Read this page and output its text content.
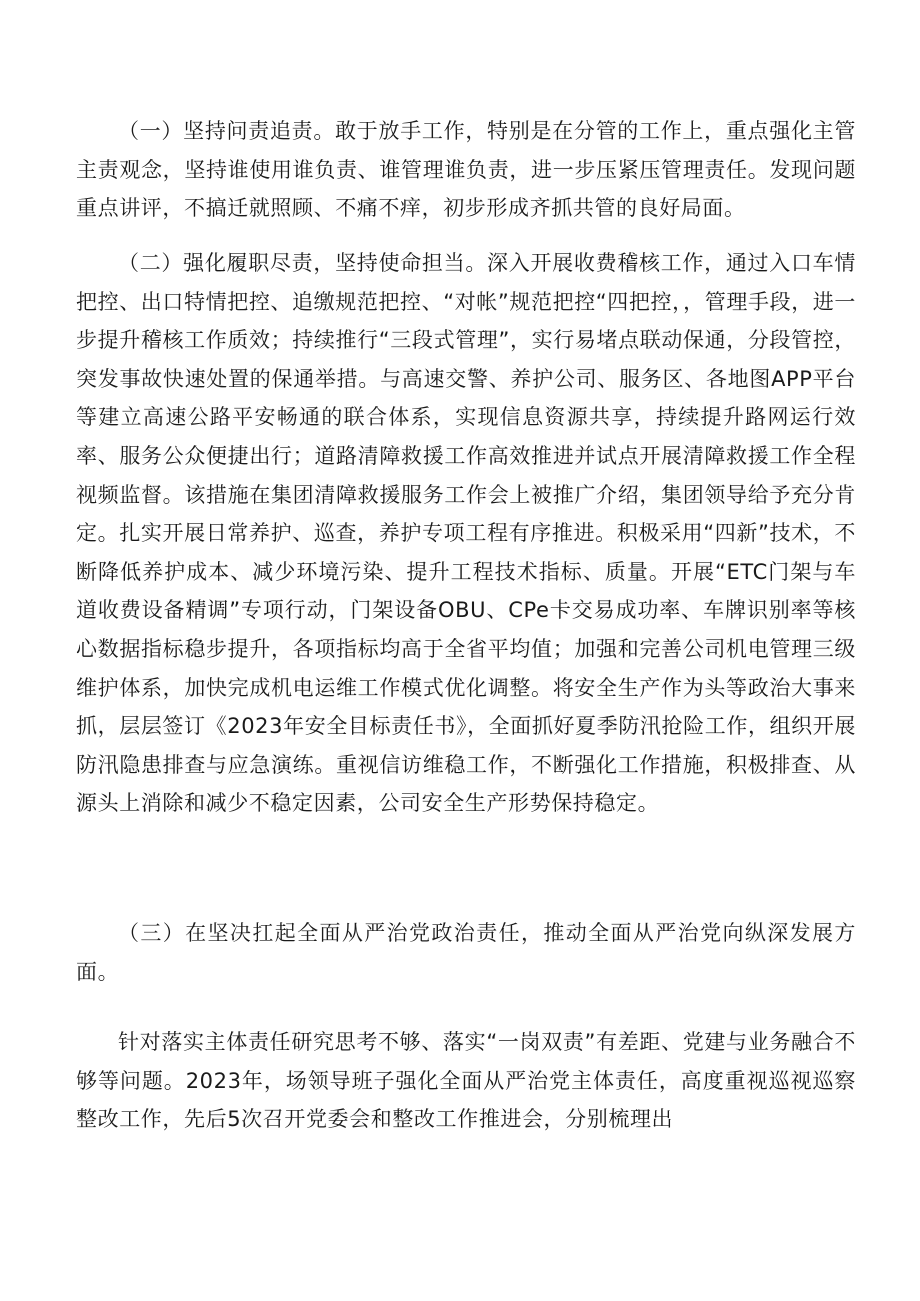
（一）坚持问责追责。敢于放手工作，特别是在分管的工作上，重点强化主管主责观念，坚持谁使用谁负责、谁管理谁负责，进一步压紧压管理责任。发现问题重点讲评，不搞迁就照顾、不痛不痒，初步形成齐抓共管的良好局面。

（二）强化履职尽责，坚持使命担当。深入开展收费稽核工作，通过入口车情把控、出口特情把控、追缴规范把控、“对帐”规范把控“四把控，，管理手段，进一步提升稽核工作质效；持续推行“三段式管理”，实行易堵点联动保通，分段管控，突发事故快速处置的保通举措。与高速交警、养护公司、服务区、各地图APP平台等建立高速公路平安畅通的联合体系，实现信息资源共享，持续提升路网运行效率、服务公众便捷出行；道路清障救援工作高效推进并试点开展清障救援工作全程视频监督。该措施在集团清障救援服务工作会上被推广介绍，集团领导给予充分肯定。扎实开展日常养护、巡查，养护专项工程有序推进。积极采用“四新”技术，不断降低养护成本、减少环境污染、提升工程技术指标、质量。开展“ETC门架与车道收费设备精调”专项行动，门架设备OBU、CPe卡交易成功率、车牌识别率等核心数据指标稳步提升，各项指标均高于全省平均值；加强和完善公司机电管理三级维护体系，加快完成机电运维工作模式优化调整。将安全生产作为头等政治大事来抓，层层签订《2023年安全目标责任书》，全面抓好夏季防汛抢险工作，组织开展防汛隐患排查与应急演练。重视信访维稳工作，不断强化工作措施，积极排查、从源头上消除和减少不稳定因素，公司安全生产形势保持稳定。

（三）在坚决扛起全面从严治党政治责任，推动全面从严治党向纵深发展方面。

针对落实主体责任研究思考不够、落实“一岗双责”有差距、党建与业务融合不够等问题。2023年，场领导班子强化全面从严治党主体责任，高度重视巡视巡察整改工作，先后5次召开党委会和整改工作推进会，分别梳理出
